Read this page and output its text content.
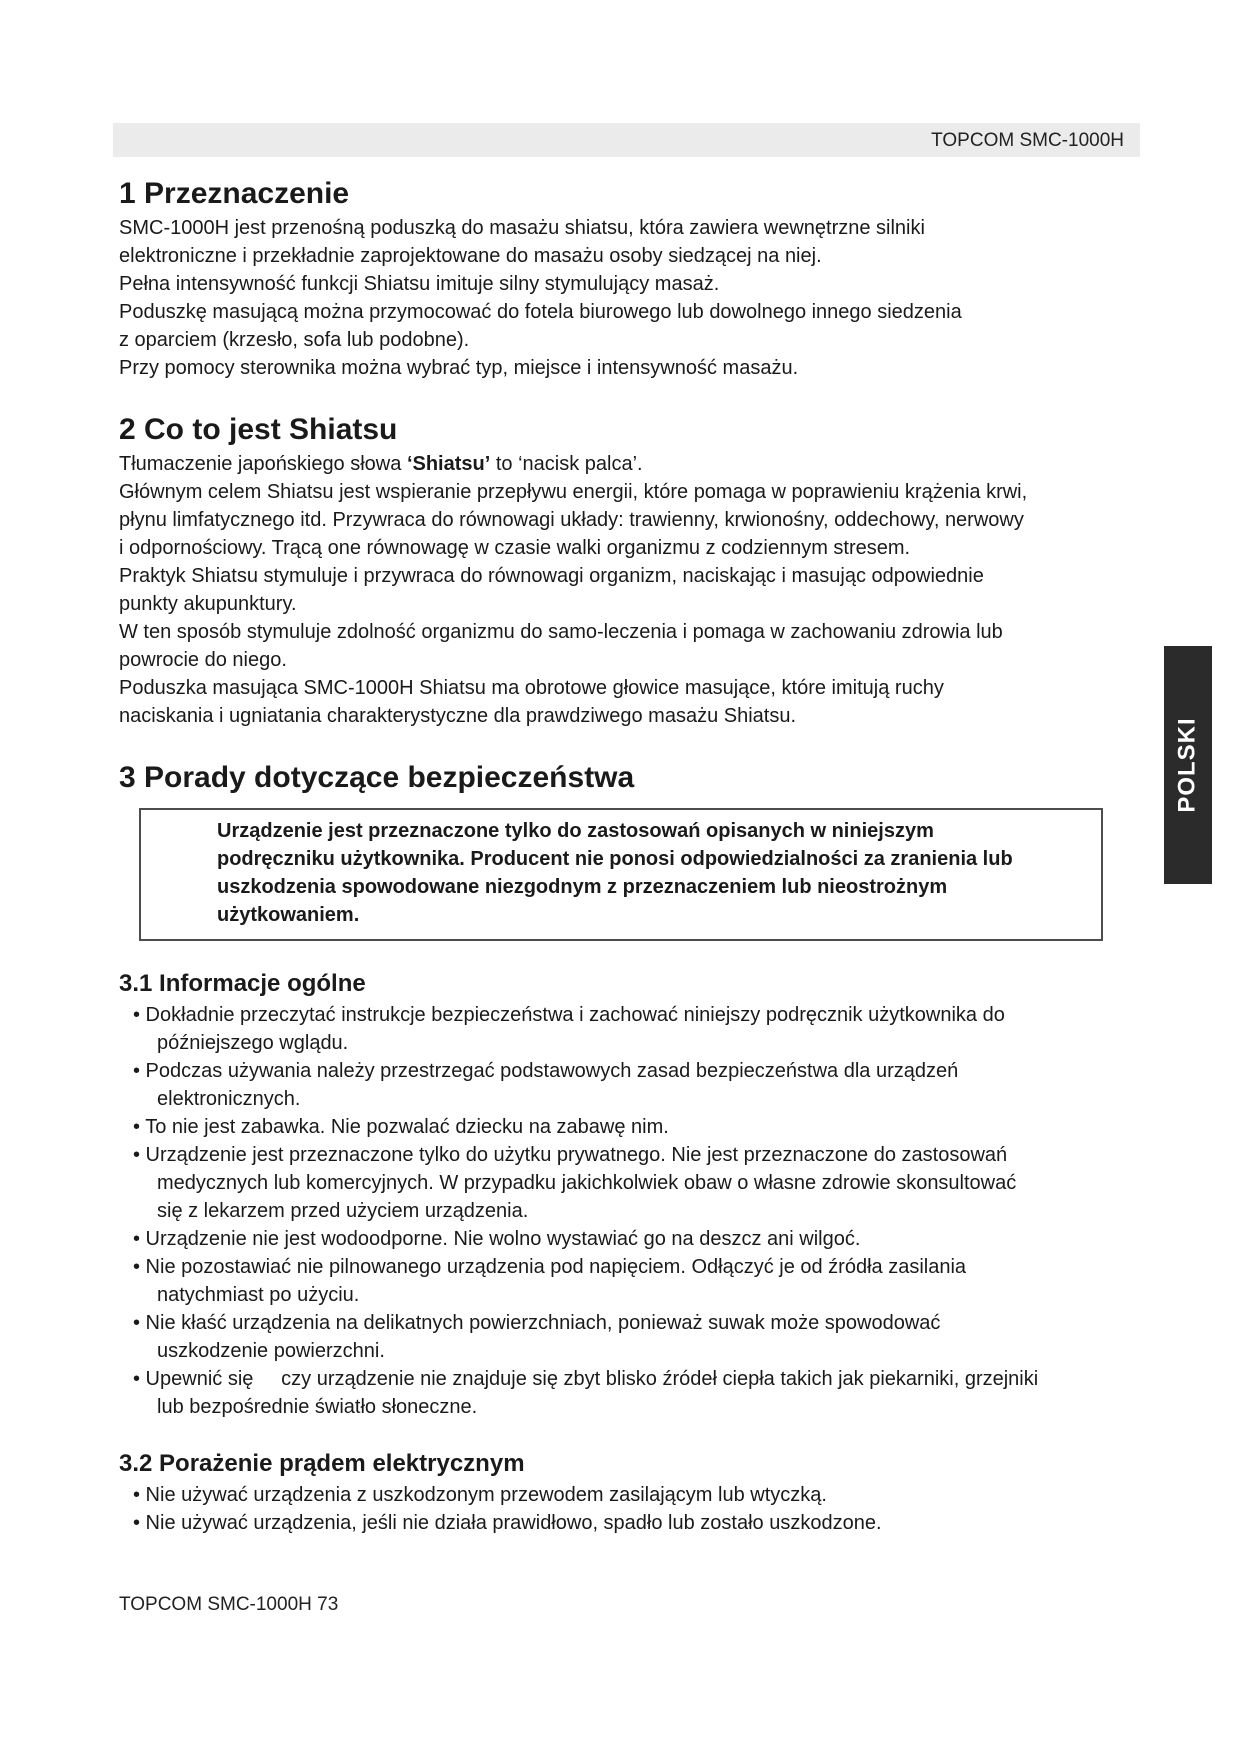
TOPCOM SMC-1000H
POLSKI
1 Przeznaczenie

SMC-1000H jest przenośną poduszką do masażu shiatsu, która zawiera wewnętrzne silniki

elektroniczne i przekładnie zaprojektowane do masażu osoby siedzącej na niej.

Pełna intensywność funkcji Shiatsu imituje silny stymulujący masaż.

Poduszkę masującą można przymocować do fotela biurowego lub dowolnego innego siedzenia

z oparciem (krzesło, sofa lub podobne).

Przy pomocy sterownika można wybrać typ, miejsce i intensywność masażu.

2 Co to jest Shiatsu

Tłumaczenie japońskiego słowa ‘Shiatsu’ to ‘nacisk palca’.

Głównym celem Shiatsu jest wspieranie przepływu energii, które pomaga w poprawieniu krążenia krwi,

płynu limfatycznego itd. Przywraca do równowagi układy: trawienny, krwionośny, oddechowy, nerwowy

i odpornościowy. Trącą one równowagę w czasie walki organizmu z codziennym stresem.

Praktyk Shiatsu stymuluje i przywraca do równowagi organizm, naciskając i masując odpowiednie

punkty akupunktury.

W ten sposób stymuluje zdolność organizmu do samo-leczenia i pomaga w zachowaniu zdrowia lub

powrocie do niego.

Poduszka masująca SMC-1000H Shiatsu ma obrotowe głowice masujące, które imitują ruchy

naciskania i ugniatania charakterystyczne dla prawdziwego masażu Shiatsu.

3 Porady dotyczące bezpieczeństwa

Urządzenie jest przeznaczone tylko do zastosowań opisanych w niniejszym

podręczniku użytkownika. Producent nie ponosi odpowiedzialności za zranienia lub

uszkodzenia spowodowane niezgodnym z przeznaczeniem lub nieostrożnym

użytkowaniem.

3.1 Informacje ogólne
• Dokładnie przeczytać instrukcje bezpieczeństwa i zachować niniejszy podręcznik użytkownika do
późniejszego wglądu.
• Podczas używania należy przestrzegać podstawowych zasad bezpieczeństwa dla urządzeń
elektronicznych.
• To nie jest zabawka. Nie pozwalać dziecku na zabawę nim.
• Urządzenie jest przeznaczone tylko do użytku prywatnego. Nie jest przeznaczone do zastosowań
medycznych lub komercyjnych. W przypadku jakichkolwiek obaw o własne zdrowie skonsultować
się z lekarzem przed użyciem urządzenia.
• Urządzenie nie jest wodoodporne. Nie wolno wystawiać go na deszcz ani wilgoć.
• Nie pozostawiać nie pilnowanego urządzenia pod napięciem. Odłączyć je od źródła zasilania
natychmiast po użyciu.
• Nie kłaść urządzenia na delikatnych powierzchniach, ponieważ suwak może spowodować
uszkodzenie powierzchni.
• Upewnić się     czy urządzenie nie znajduje się zbyt blisko źródeł ciepła takich jak piekarniki, grzejniki
lub bezpośrednie światło słoneczne.
3.2 Porażenie prądem elektrycznym
• Nie używać urządzenia z uszkodzonym przewodem zasilającym lub wtyczką.
• Nie używać urządzenia, jeśli nie działa prawidłowo, spadło lub zostało uszkodzone.
TOPCOM SMC-1000H 73
